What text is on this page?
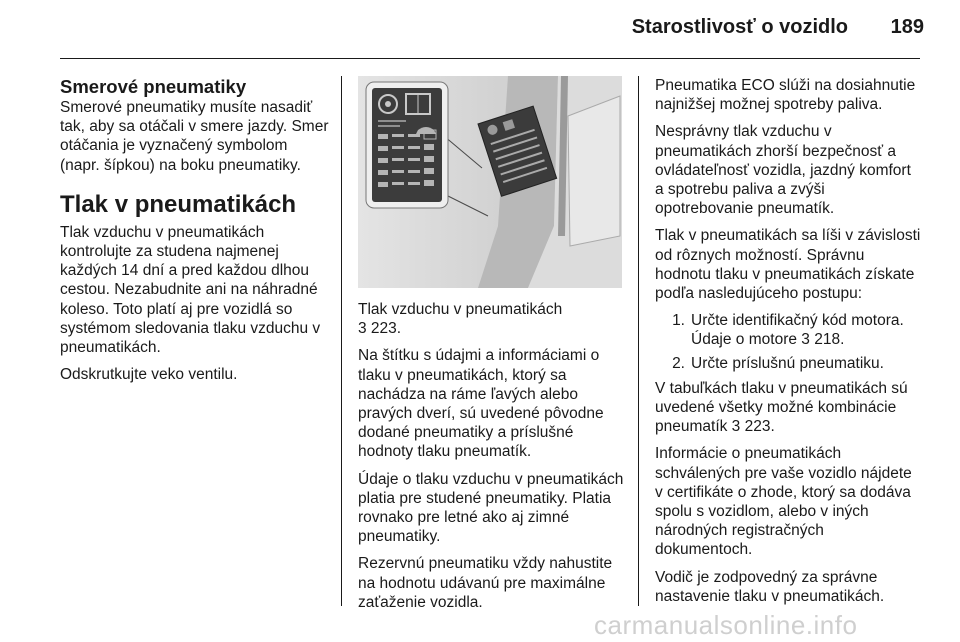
Starostlivosť o vozidlo	189
Smerové pneumatiky

Smerové pneumatiky musíte nasadiť tak, aby sa otáčali v smere jazdy. Smer otáčania je vyznačený symbolom (napr. šípkou) na boku pneumatiky.

Tlak v pneumatikách

Tlak vzduchu v pneumatikách kontrolujte za studena najmenej každých 14 dní a pred každou dlhou cestou. Nezabudnite ani na náhradné koleso. Toto platí aj pre vozidlá so systémom sledovania tlaku vzduchu v pneumatikách.

Odskrutkujte veko ventilu.

Tlak vzduchu v pneumatikách
3 223.

Na štítku s údajmi a informáciami o tlaku v pneumatikách, ktorý sa nachádza na ráme ľavých alebo pravých dverí, sú uvedené pôvodne dodané pneumatiky a príslušné hodnoty tlaku pneumatík.

Údaje o tlaku vzduchu v pneumatikách platia pre studené pneumatiky. Platia rovnako pre letné ako aj zimné pneumatiky.

Rezervnú pneumatiku vždy nahustite na hodnotu udávanú pre maximálne zaťaženie vozidla.

Pneumatika ECO slúži na dosiahnutie najnižšej možnej spotreby paliva.

Nesprávny tlak vzduchu v pneumatikách zhorší bezpečnosť a ovládateľnosť vozidla, jazdný komfort a spotrebu paliva a zvýši opotrebovanie pneumatík.

Tlak v pneumatikách sa líši v závislosti od rôznych možností. Správnu hodnotu tlaku v pneumatikách získate podľa nasledujúceho postupu:

1. Určte identifikačný kód motora. Údaje o motore 3 218.
2. Určte príslušnú pneumatiku.

V tabuľkách tlaku v pneumatikách sú uvedené všetky možné kombinácie pneumatík 3 223.

Informácie o pneumatikách schválených pre vaše vozidlo nájdete v certifikáte o zhode, ktorý sa dodáva spolu s vozidlom, alebo v iných národných registračných dokumentoch.

Vodič je zodpovedný za správne nastavenie tlaku v pneumatikách.

carmanualsonline.info
